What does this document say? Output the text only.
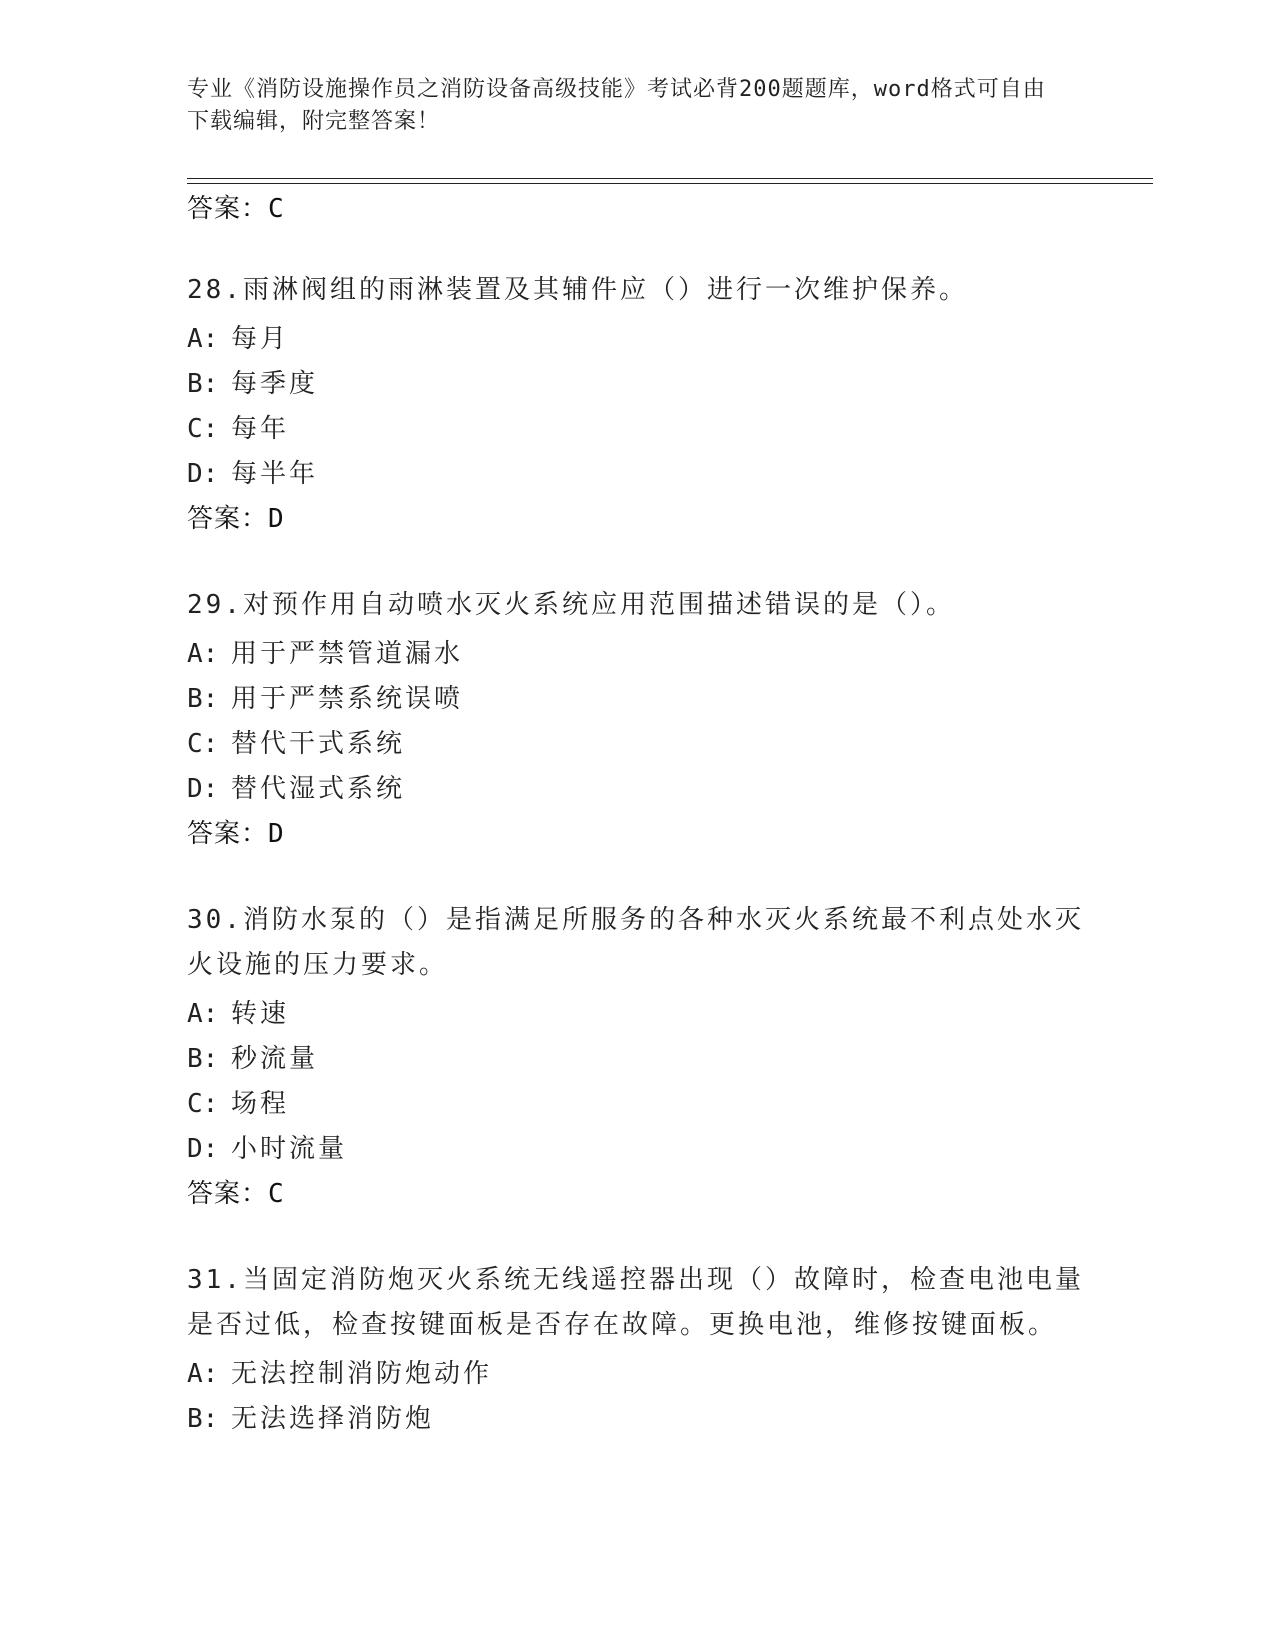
专业《消防设施操作员之消防设备高级技能》考试必背200题题库，word格式可自由下载编辑，附完整答案！
答案：C
28.雨淋阀组的雨淋装置及其辅件应（）进行一次维护保养。
A: 每月
B: 每季度
C: 每年
D: 每半年
答案：D
29.对预作用自动喷水灭火系统应用范围描述错误的是（）。
A: 用于严禁管道漏水
B: 用于严禁系统误喷
C: 替代干式系统
D: 替代湿式系统
答案：D
30.消防水泵的（）是指满足所服务的各种水灭火系统最不利点处水灭火设施的压力要求。
A: 转速
B: 秒流量
C: 场程
D: 小时流量
答案：C
31.当固定消防炮灭火系统无线遥控器出现（）故障时，检查电池电量是否过低，检查按键面板是否存在故障。更换电池，维修按键面板。
A: 无法控制消防炮动作
B: 无法选择消防炮
